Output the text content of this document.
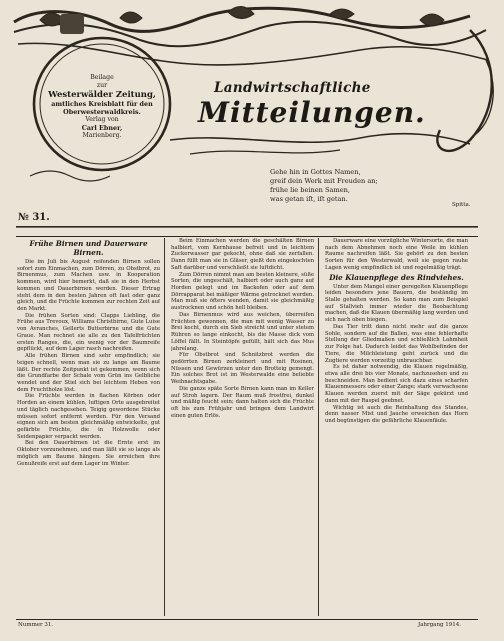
Beilage
zur
Westerwälder Zeitung,
amtliches Kreisblatt für den
Oberwesterwaldkreis.
Verlag von
Carl Ebner,
Marienberg.
Landwirtschaftliche
Mitteilungen.
Gehe hin in Gottes Namen,
greif dein Werk mit Freuden an;
frühe lie beinen Samen,
was getan iſt, iſt getan.
Spitta.
№ 31.
Frühe Birnen und Dauerware Birnen.

Die im Juli bis August reifenden Birnen sollen sofort zum Einmachen, zum Dörren, zu Obstbrot, zu Birnenmus, zum Machen usw. in Kooperation kommen, wird hier bemerkt, daß sie in den Herbst kommen und Dauerbirnen werden. Dieser Ertrag steht dem in den besten Jahren oft fast oder ganz gleich, und die Früchte kommen zur rechten Zeit auf den Markt.

Die frühen Sorten sind: Clapps Liebling, die Frühe aus Trevoux, Williams Christbirne, Gute Luise von Avranches, Gellerts Butterbirne und die Gute Graue. Man rechnet sie alle zu den Tafelfrüchten ersten Ranges, die, ein wenig vor der Baumreife gepflückt, auf dem Lager rasch nachreifen.

Alle frühen Birnen sind sehr empfindlich; sie teigen schnell, wenn man sie zu lange am Baume läßt. Der rechte Zeitpunkt ist gekommen, wenn sich die Grundfarbe der Schale vom Grün ins Gelbliche wendet und der Stiel sich bei leichtem Heben von dem Fruchtholze löst.

Die Früchte werden in flachen Körben oder Horden an einem kühlen, luftigen Orte ausgebreitet und täglich nachgesehen. Teigig gewordene Stücke müssen sofort entfernt werden. Für den Versand eignen sich am besten gleichmäßig entwickelte, gut gefärbte Früchte, die in Holzwolle oder Seidenpapier verpackt werden.

Bei den Dauerbirnen ist die Ernte erst im Oktober vorzunehmen, und man läßt sie so lange als möglich am Baume hängen. Sie erreichen ihre Genußreife erst auf dem Lager im Winter.

Beim Einmachen werden die geschälten Birnen halbiert, vom Kernhause befreit und in leichtem Zuckerwasser gar gekocht, ohne daß sie zerfallen. Dann füllt man sie in Gläser, gießt den eingekochten Saft darüber und verschließt sie luftdicht.

Zum Dörren nimmt man am besten kleinere, süße Sorten, die ungeschält, halbiert oder auch ganz auf Horden gelegt und im Backofen oder auf dem Dörrapparat bei mäßiger Wärme getrocknet werden. Man muß sie öfters wenden, damit sie gleichmäßig austrocknen und schön hell bleiben.

Das Birnenmus wird aus weichen, überreifen Früchten gewonnen, die man mit wenig Wasser zu Brei kocht, durch ein Sieb streicht und unter stetem Rühren so lange einkocht, bis die Masse dick vom Löffel fällt. In Steintöpfe gefüllt, hält sich das Mus jahrelang.

Für Obstbrot und Schnitzbrot werden die gedörrten Birnen zerkleinert und mit Rosinen, Nüssen und Gewürzen unter den Brotteig gemengt. Ein solches Brot ist im Westerwalde eine beliebte Weihnachtsgabe.

Die ganze späte Sorte Birnen kann man im Keller auf Stroh lagern. Der Raum muß frostfrei, dunkel und mäßig feucht sein; dann halten sich die Früchte oft bis zum Frühjahr und bringen dem Landwirt einen guten Erlös.

Dauerware eine vorzügliche Wintersorte, die man nach dem Abnehmen noch eine Weile im kühlen Raume nachreifen läßt. Sie gehört zu den besten Sorten für den Westerwald, weil sie gegen rauhe Lagen wenig empfindlich ist und regelmäßig trägt.

Die Klauenpflege des Rindviehes.

Unter dem Mangel einer geregelten Klauenpflege leiden besonders jene Bauern, die beständig im Stalle gehalten werden. So kann man zum Beispiel auf Stallvieh immer wieder die Beobachtung machen, daß die Klauen übermäßig lang werden und sich nach oben biegen.

Das Tier tritt dann nicht mehr auf die ganze Sohle, sondern auf die Ballen, was eine fehlerhafte Stellung der Gliedmaßen und schließlich Lahmheit zur Folge hat. Dadurch leidet das Wohlbefinden der Tiere, die Milchleistung geht zurück und die Zugtiere werden vorzeitig unbrauchbar.

Es ist daher notwendig, die Klauen regelmäßig, etwa alle drei bis vier Monate, nachzusehen und zu beschneiden. Man bedient sich dazu eines scharfen Klauenmessers oder einer Zange; stark verwachsene Klauen werden zuerst mit der Säge gekürzt und dann mit der Raspel geebnet.

Wichtig ist auch die Reinhaltung des Standes, denn nasser Mist und Jauche erweichen das Horn und begünstigen die gefährliche Klauenfäule.

Nummer 31.	Jahrgang 1914.
